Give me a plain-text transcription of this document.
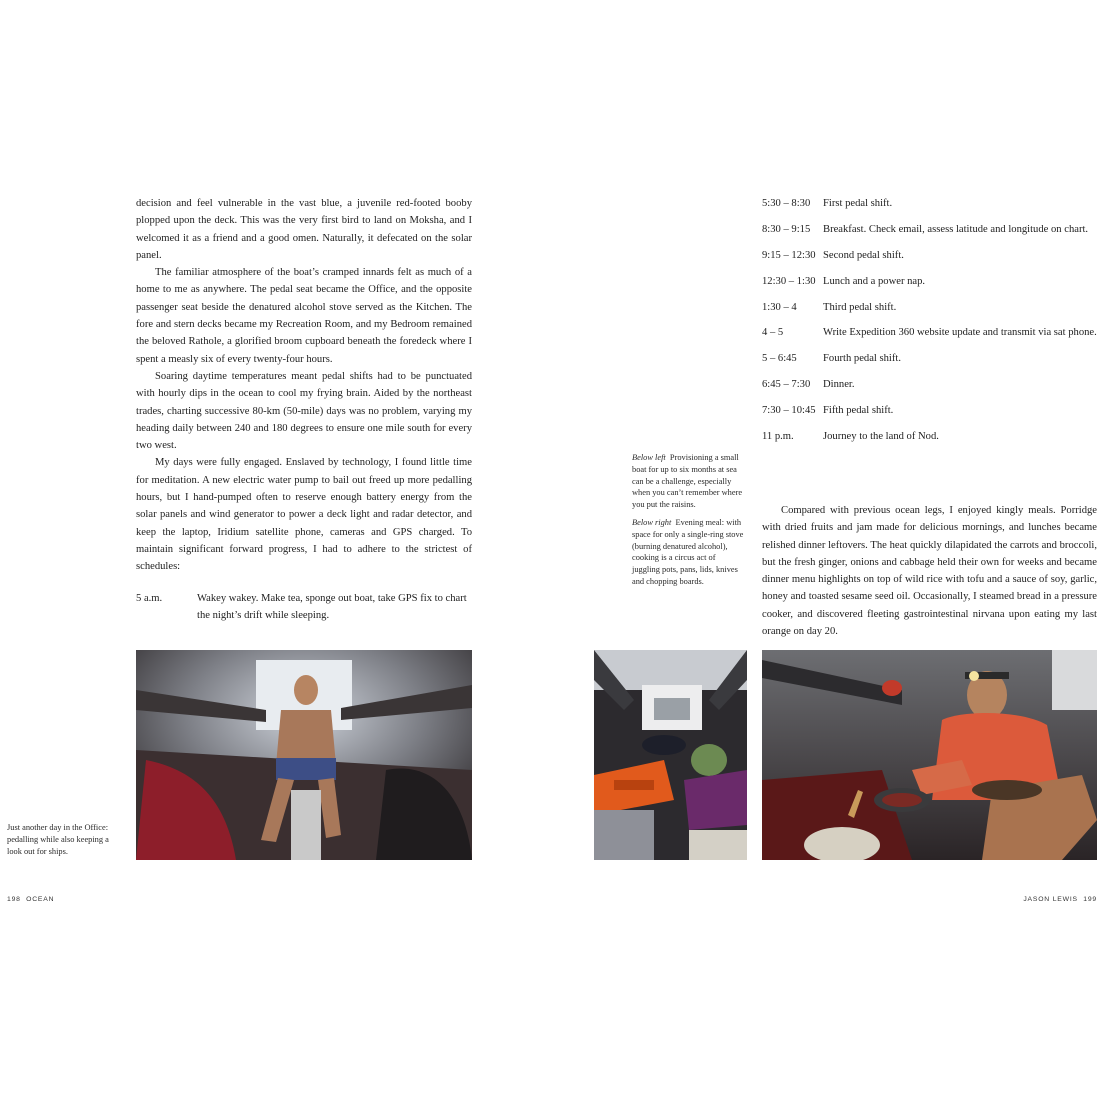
decision and feel vulnerable in the vast blue, a juvenile red-footed booby plopped upon the deck. This was the very first bird to land on Moksha, and I welcomed it as a friend and a good omen. Naturally, it defecated on the solar panel.

The familiar atmosphere of the boat’s cramped innards felt as much of a home to me as anywhere. The pedal seat became the Office, and the opposite passenger seat beside the denatured alcohol stove served as the Kitchen. The fore and stern decks became my Recreation Room, and my Bedroom remained the beloved Rathole, a glorified broom cupboard beneath the foredeck where I spent a measly six of every twenty-four hours.

Soaring daytime temperatures meant pedal shifts had to be punctuated with hourly dips in the ocean to cool my frying brain. Aided by the northeast trades, charting successive 80-km (50-mile) days was no problem, varying my heading daily between 240 and 180 degrees to ensure one mile south for every two west.

My days were fully engaged. Enslaved by technology, I found little time for meditation. A new electric water pump to bail out freed up more pedalling hours, but I hand-pumped often to reserve enough battery energy from the solar panels and wind generator to power a deck light and radar detector, and keep the laptop, Iridium satellite phone, cameras and GPS charged. To maintain significant forward progress, I had to adhere to the strictest of schedules:

5 a.m.	Wakey wakey. Make tea, sponge out boat, take GPS fix to chart the night’s drift while sleeping.
Just another day in the Office: pedalling while also keeping a look out for ships.
198 OCEAN
5:30 – 8:30	First pedal shift.
8:30 – 9:15	Breakfast. Check email, assess latitude and longitude on chart.
9:15 – 12:30 Second pedal shift.
12:30 – 1:30 Lunch and a power nap.
1:30 – 4	Third pedal shift.
4 – 5	Write Expedition 360 website update and transmit via sat phone.
5 – 6:45	Fourth pedal shift.
6:45 – 7:30	Dinner.
7:30 – 10:45 Fifth pedal shift.
11 p.m.	Journey to the land of Nod.

Below left Provisioning a small boat for up to six months at sea can be a challenge, especially when you can’t remember where you put the raisins.

Below right Evening meal: with space for only a single-ring stove (burning denatured alcohol), cooking is a circus act of juggling pots, pans, lids, knives and chopping boards.

Compared with previous ocean legs, I enjoyed kingly meals. Porridge with dried fruits and jam made for delicious mornings, and lunches became relished dinner leftovers. The heat quickly dilapidated the carrots and broccoli, but the fresh ginger, onions and cabbage held their own for weeks and became dinner menu highlights on top of wild rice with tofu and a sauce of soy, garlic, honey and toasted sesame seed oil. Occasionally, I steamed bread in a pressure cooker, and discovered fleeting gastrointestinal nirvana upon eating my last orange on day 20.

JASON LEWIS 199
